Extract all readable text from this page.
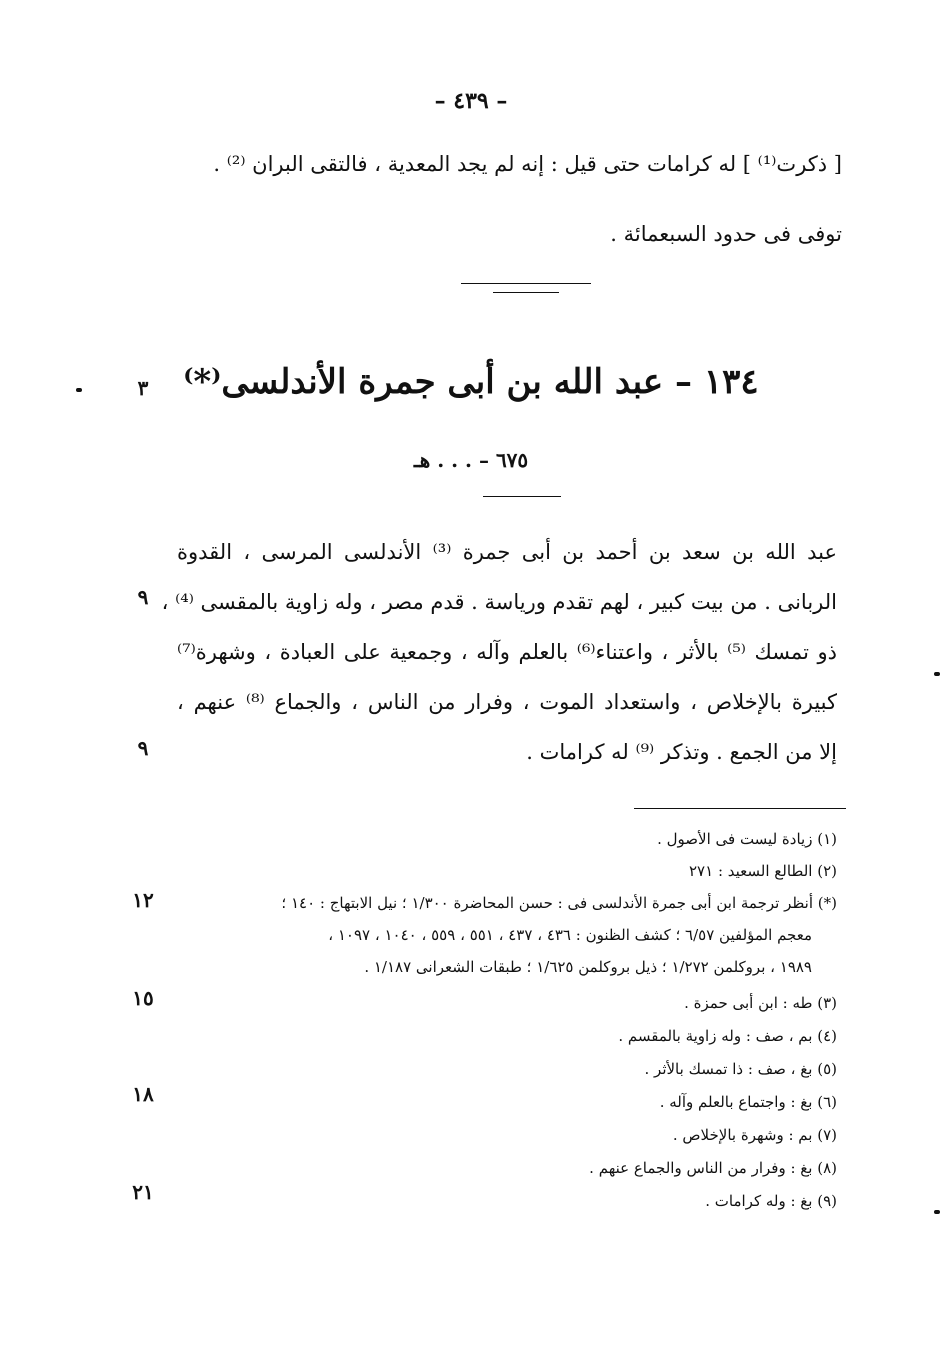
– ٤٣٩ –
[ ذكرت⁽¹⁾ ] له كرامات حتى قيل : إنه لم يجد المعدية ، فالتقى البران ⁽²⁾ .
توفى فى حدود السبعمائة .
١٣٤ – عبد الله بن أبى جمرة الأندلسى⁽*⁾
٦٧٥ – . . . هـ
عبد الله بن سعد بن أحمد بن أبى جمرة ⁽³⁾ الأندلسى المرسى ، القدوة
الربانى . من بيت كبير ، لهم تقدم ورياسة . قدم مصر ، وله زاوية بالمقسى ⁽⁴⁾ ،
ذو تمسك ⁽⁵⁾ بالأثر ، واعتناء⁽⁶⁾ بالعلم وآله ، وجمعية على العبادة ، وشهرة⁽⁷⁾
كبيرة بالإخلاص ، واستعداد الموت ، وفرار من الناس ، والجماع ⁽⁸⁾ عنهم ،
إلا من الجمع . وتذكر ⁽⁹⁾ له كرامات .
٣
٩
٩
١٢
١٥
١٨
٢١
(١) زيادة ليست فى الأصول .
(٢) الطالع السعيد : ٢٧١
(*) أنظر ترجمة ابن أبى جمرة الأندلسى فى : حسن المحاضرة ١/٣٠٠ ؛ نيل الابتهاج : ١٤٠ ؛
معجم المؤلفين ٦/٥٧ ؛ كشف الظنون : ٤٣٦ ، ٤٣٧ ، ٥٥١ ، ٥٥٩ ، ١٠٤٠ ، ١٠٩٧ ،
١٩٨٩ ، بروكلمن ١/٢٧٢ ؛ ذيل بروكلمن ١/٦٢٥ ؛ طبقات الشعرانى ١/١٨٧ .
(٣) طه : ابن أبى حمزة .
(٤) بم ، صف : وله زاوية بالمقسم .
(٥) بغ ، صف : ذا تمسك بالأثر .
(٦) بغ : واجتماع بالعلم وآله .
(٧) بم : وشهرة بالإخلاص .
(٨) بغ : وفرار من الناس والجماع عنهم .
(٩) بغ : وله كرامات .
